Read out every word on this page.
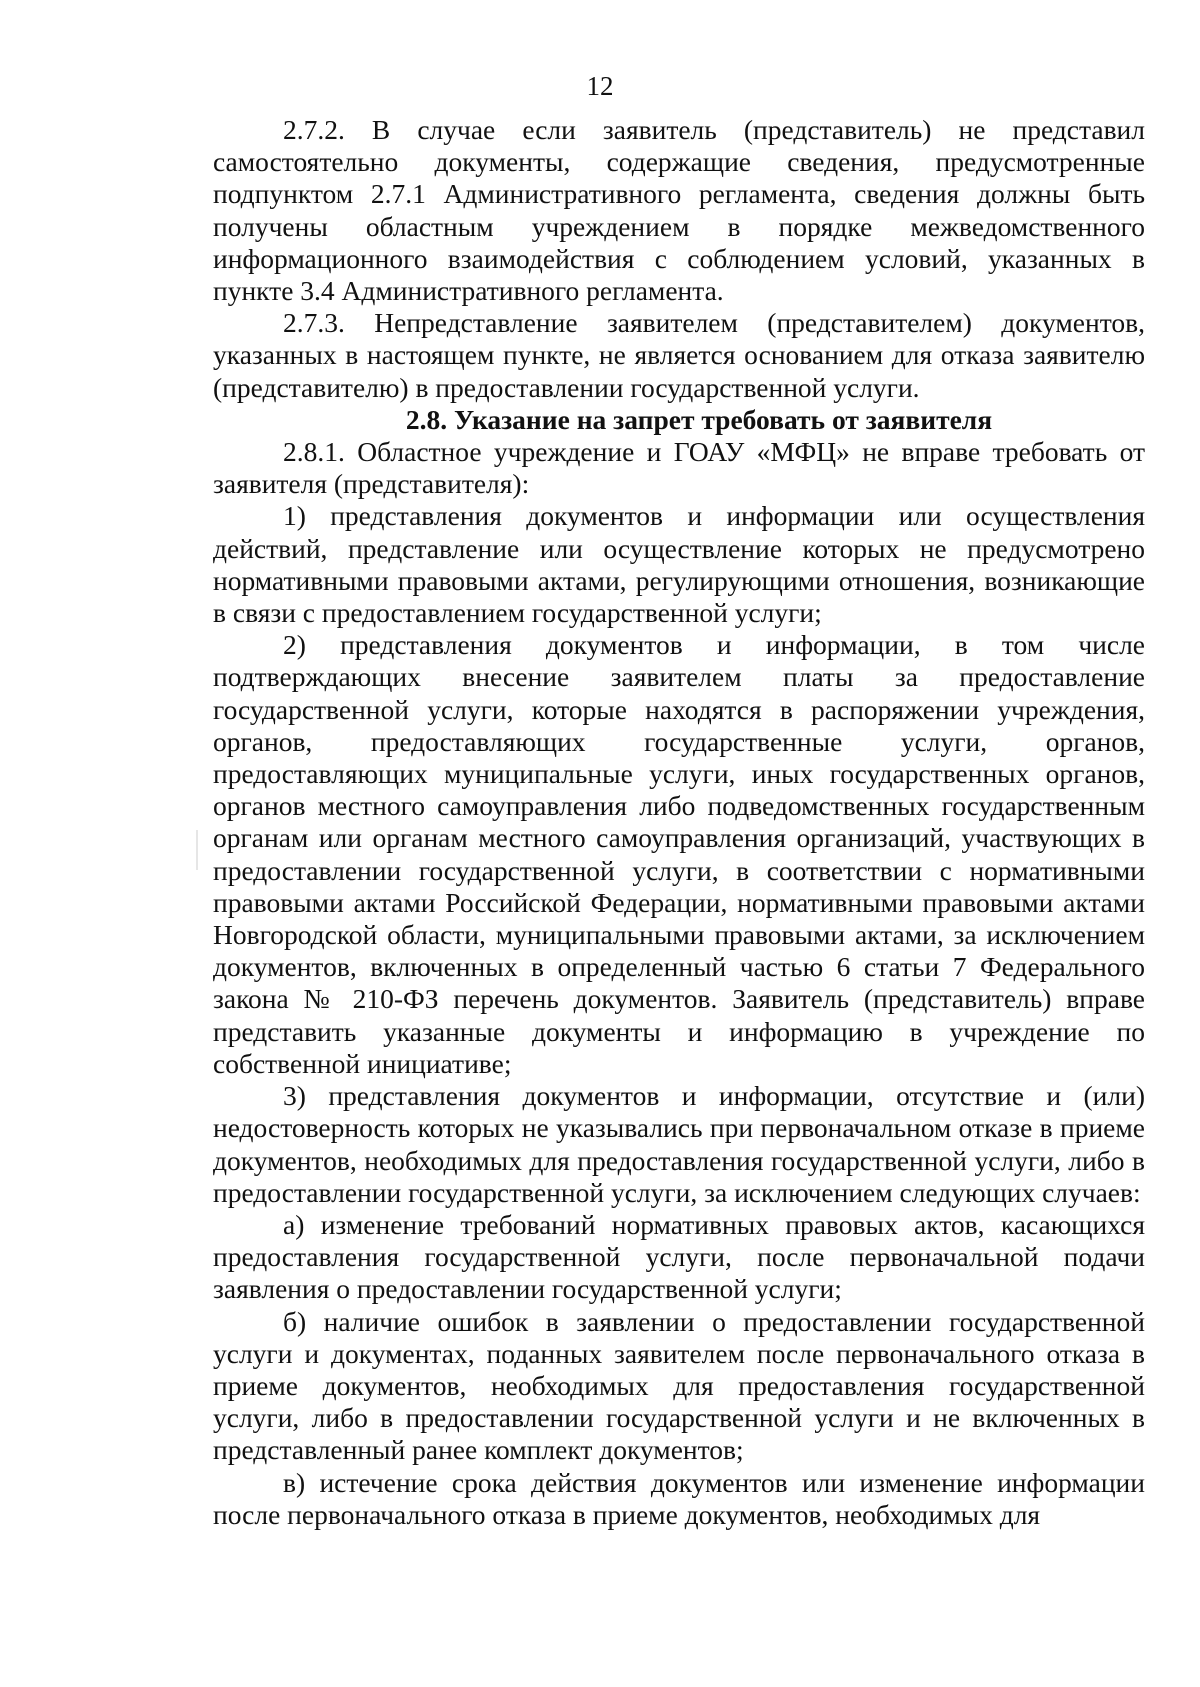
12

2.7.2. В случае если заявитель (представитель) не представил самостоятельно документы, содержащие сведения, предусмотренные подпунктом 2.7.1 Административного регламента, сведения должны быть получены областным учреждением в порядке межведомственного информационного взаимодействия с соблюдением условий, указанных в пункте 3.4 Административного регламента.

2.7.3. Непредставление заявителем (представителем) документов, указанных в настоящем пункте, не является основанием для отказа заявителю (представителю) в предоставлении государственной услуги.

2.8. Указание на запрет требовать от заявителя

2.8.1. Областное учреждение и ГОАУ «МФЦ» не вправе требовать от заявителя (представителя):

1) представления документов и информации или осуществления действий, представление или осуществление которых не предусмотрено нормативными правовыми актами, регулирующими отношения, возникающие в связи с предоставлением государственной услуги;

2) представления документов и информации, в том числе подтверждающих внесение заявителем платы за предоставление государственной услуги, которые находятся в распоряжении учреждения, органов, предоставляющих государственные услуги, органов, предоставляющих муниципальные услуги, иных государственных органов, органов местного самоуправления либо подведомственных государственным органам или органам местного самоуправления организаций, участвующих в предоставлении государственной услуги, в соответствии с нормативными правовыми актами Российской Федерации, нормативными правовыми актами Новгородской области, муниципальными правовыми актами, за исключением документов, включенных в определенный частью 6 статьи 7 Федерального закона № 210-ФЗ перечень документов. Заявитель (представитель) вправе представить указанные документы и информацию в учреждение по собственной инициативе;

3) представления документов и информации, отсутствие и (или) недостоверность которых не указывались при первоначальном отказе в приеме документов, необходимых для предоставления государственной услуги, либо в предоставлении государственной услуги, за исключением следующих случаев:

а) изменение требований нормативных правовых актов, касающихся предоставления государственной услуги, после первоначальной подачи заявления о предоставлении государственной услуги;

б) наличие ошибок в заявлении о предоставлении государственной услуги и документах, поданных заявителем после первоначального отказа в приеме документов, необходимых для предоставления государственной услуги, либо в предоставлении государственной услуги и не включенных в представленный ранее комплект документов;

в) истечение срока действия документов или изменение информации после первоначального отказа в приеме документов, необходимых для
